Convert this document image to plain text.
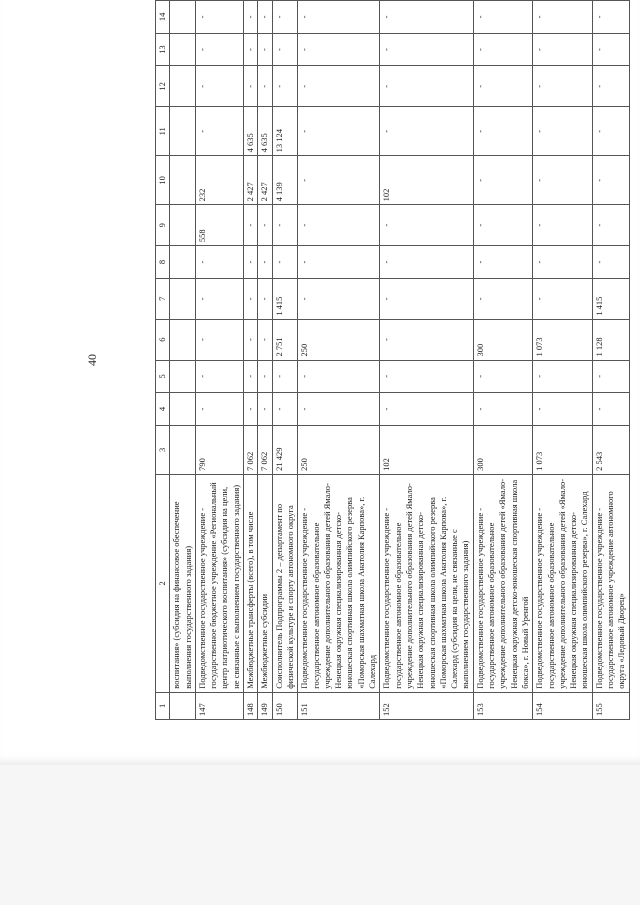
40
1	2	3	4	5	6	7	8	9	10	11	12	13	14
	воспитания» (субсидия на финансовое обеспечение выполнения государственного задания)												
147	Подведомственное государственное учреждение - государственное бюджетное учреждение «Региональный центр патриотического воспитания» (субсидия на цели, не связанные с выполнением государственного задания)	790	-	-	-	-	-	558	232	-	-	-	-
148	Межбюджетные трансферты (всего), в том числе	7 062	-	-	-	-	-	-	2 427	4 635	-	-	-
149	Межбюджетные субсидии	7 062	-	-	-	-	-	-	2 427	4 635	-	-	-
150	Соисполнитель Подпрограммы 2 – департамент по физической культуре и спорту автономного округа	21 429	-	-	2 751	1 415	-	-	4 139	13 124	-	-	-
151	Подведомственное государственное учреждение - государственное автономное образовательное учреждение дополнительного образования детей Ямало-Ненецкая окружная специализированная детско-юношеская спортивная школа олимпийского резерва «Поморская шахматная школа Анатолия Карпова», г. Салехард	250	-	-	250	-	-	-	-	-	-	-	-
152	Подведомственное государственное учреждение - государственное автономное образовательное учреждение дополнительного образования детей Ямало-Ненецкая окружная специализированная детско-юношеская спортивная школа олимпийского резерва «Поморская шахматная школа Анатолия Карпова», г. Салехард (субсидия на цели, не связанные с выполнением государственного задания)	102	-	-	-	-	-	-	102	-	-	-	-
153	Подведомственное государственное учреждение - государственное автономное образовательное учреждение дополнительного образования детей «Ямало-Ненецкая окружная детско-юношеская спортивная школа бокса», г. Новый Уренгой	300	-	-	300	-	-	-	-	-	-	-	-
154	Подведомственное государственное учреждение - государственное автономное образовательное учреждение дополнительного образования детей «Ямало-Ненецкая окружная специализированная детско-юношеская школа олимпийского резерва», г. Салехард	1 073	-	-	1 073	-	-	-	-	-	-	-	-
155	Подведомственное государственное учреждение - государственное автономное учреждение автономного округа «Ледовый Дворец»	2 543	-	-	1 128	1 415	-	-	-	-	-	-	-
